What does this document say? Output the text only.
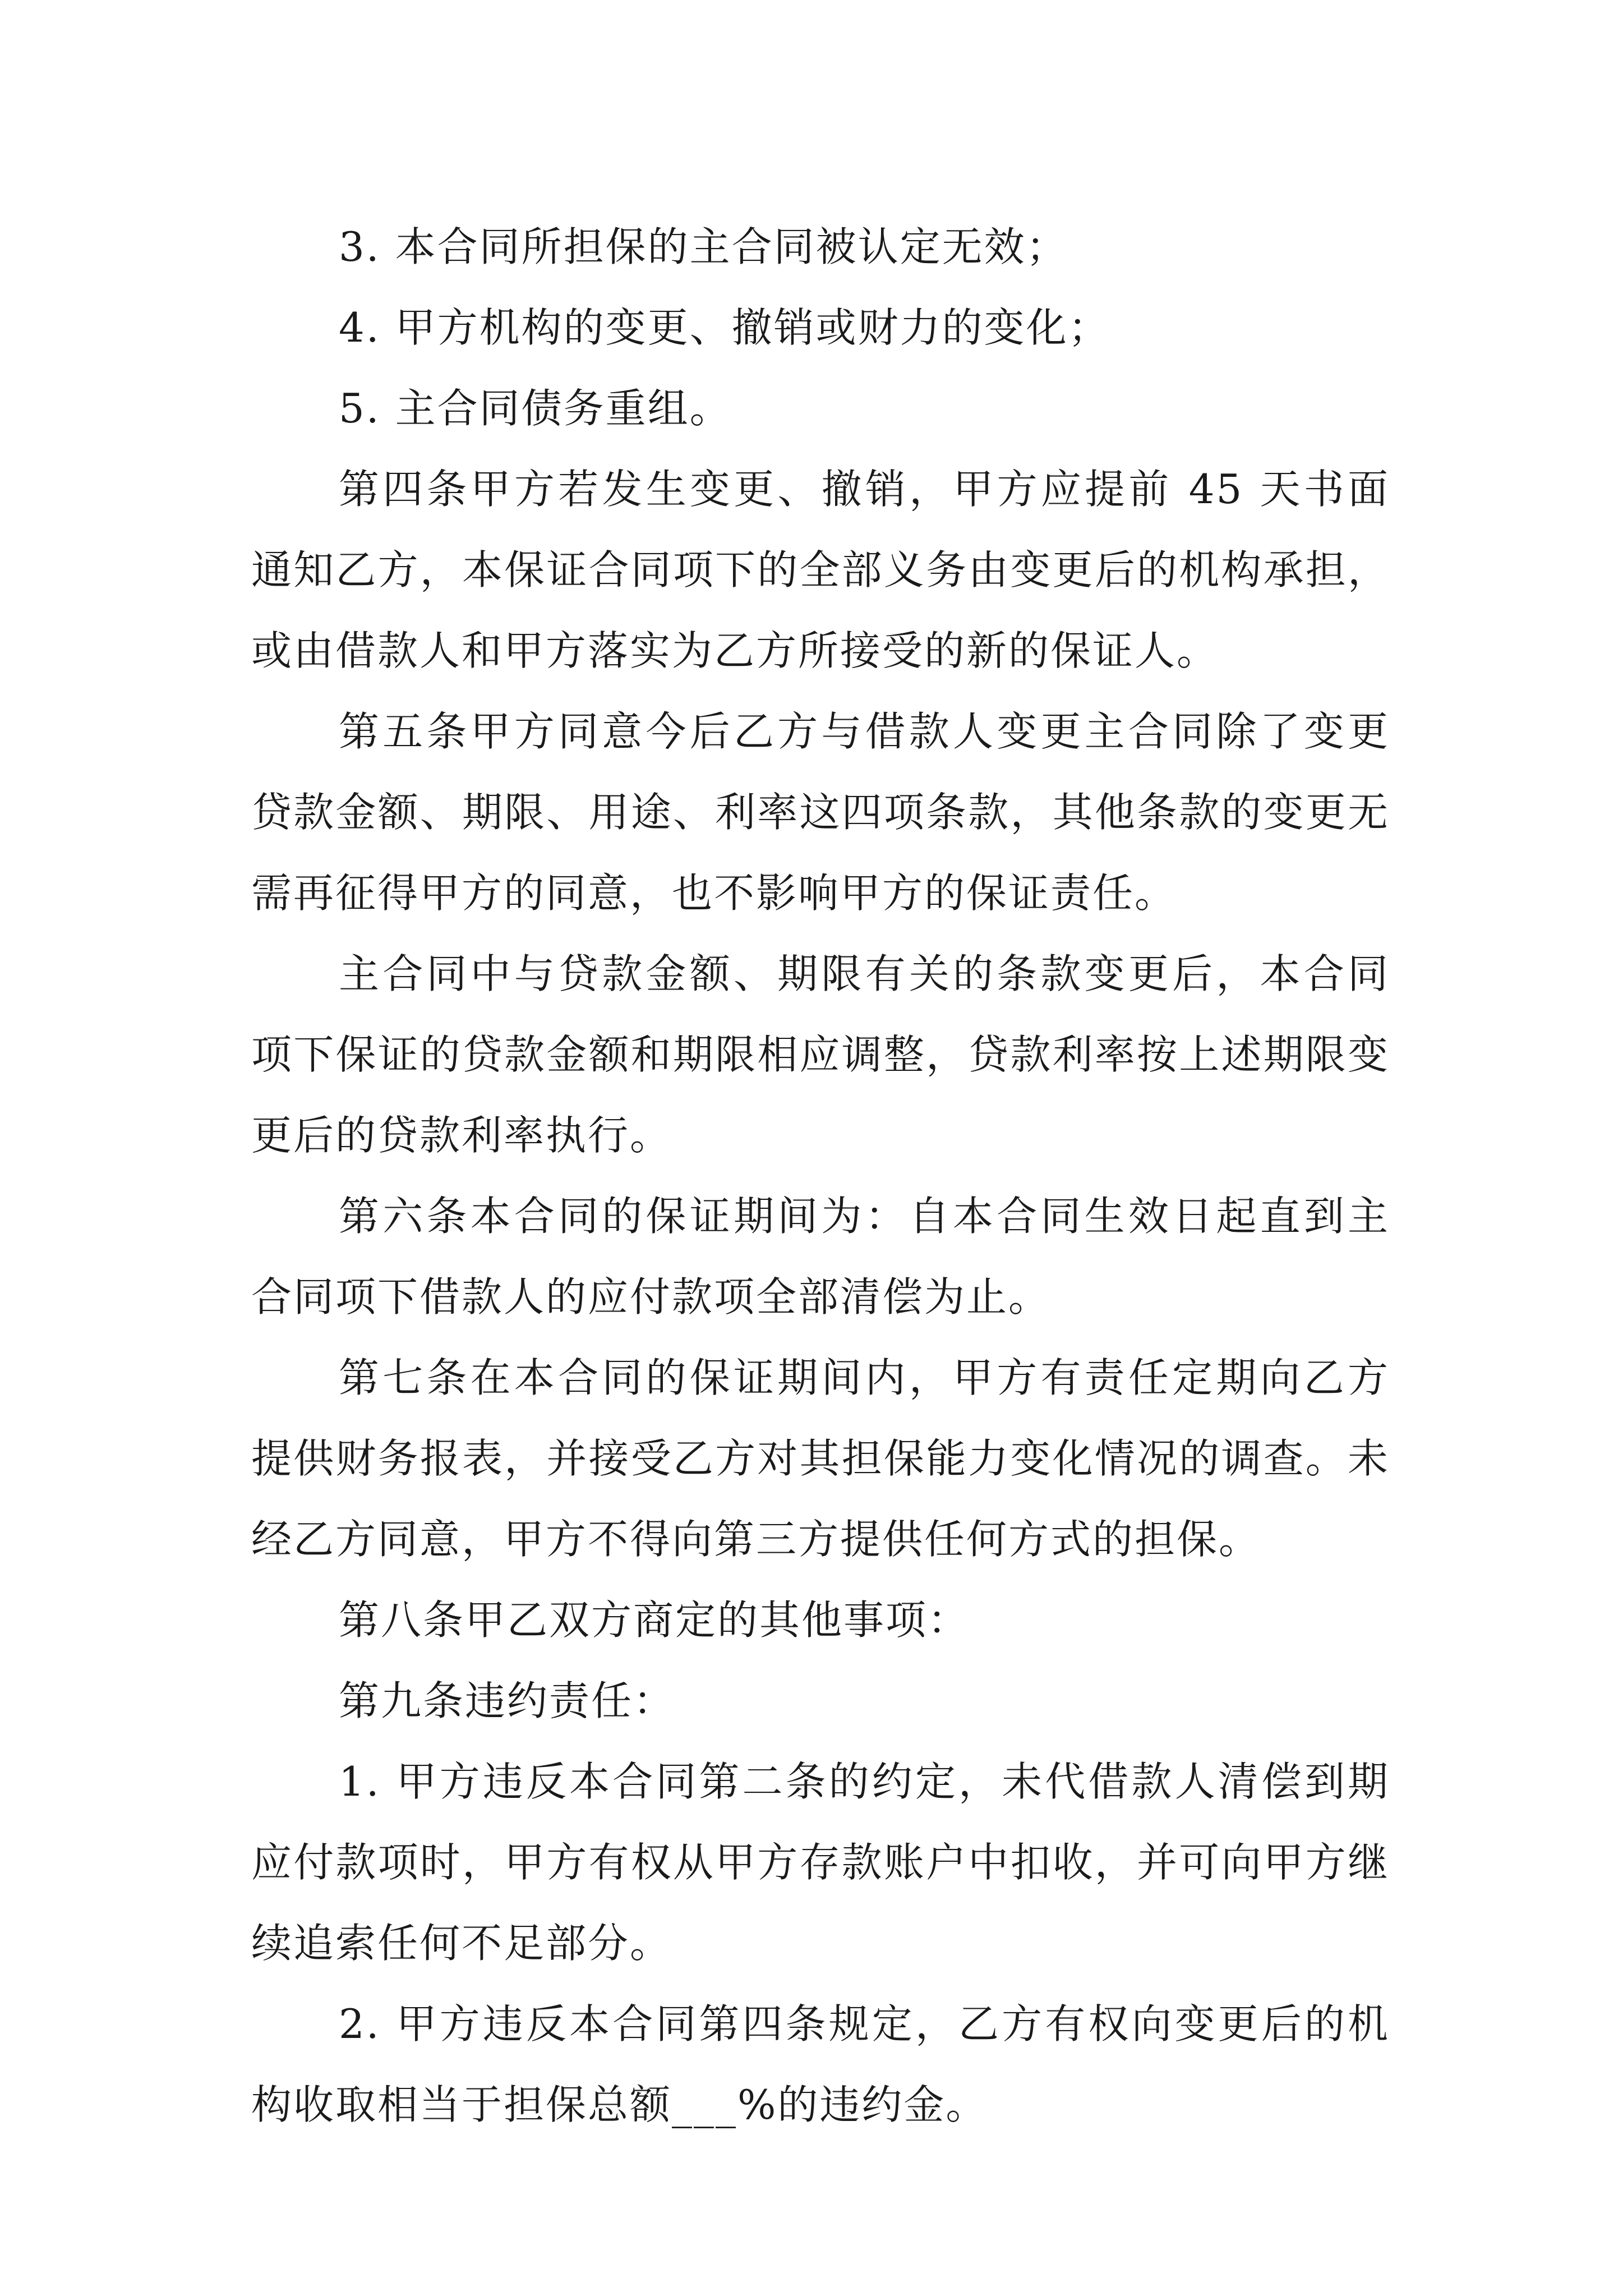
3. 本合同所担保的主合同被认定无效；

4. 甲方机构的变更、撤销或财力的变化；

5. 主合同债务重组。

第四条甲方若发生变更、撤销，甲方应提前 45 天书面通知乙方，本保证合同项下的全部义务由变更后的机构承担，或由借款人和甲方落实为乙方所接受的新的保证人。

第五条甲方同意今后乙方与借款人变更主合同除了变更贷款金额、期限、用途、利率这四项条款，其他条款的变更无需再征得甲方的同意，也不影响甲方的保证责任。

主合同中与贷款金额、期限有关的条款变更后，本合同项下保证的贷款金额和期限相应调整，贷款利率按上述期限变更后的贷款利率执行。

第六条本合同的保证期间为：自本合同生效日起直到主合同项下借款人的应付款项全部清偿为止。

第七条在本合同的保证期间内，甲方有责任定期向乙方提供财务报表，并接受乙方对其担保能力变化情况的调查。未经乙方同意，甲方不得向第三方提供任何方式的担保。

第八条甲乙双方商定的其他事项：

第九条违约责任：

1. 甲方违反本合同第二条的约定，未代借款人清偿到期应付款项时，甲方有权从甲方存款账户中扣收，并可向甲方继续追索任何不足部分。

2. 甲方违反本合同第四条规定，乙方有权向变更后的机构收取相当于担保总额___%的违约金。
